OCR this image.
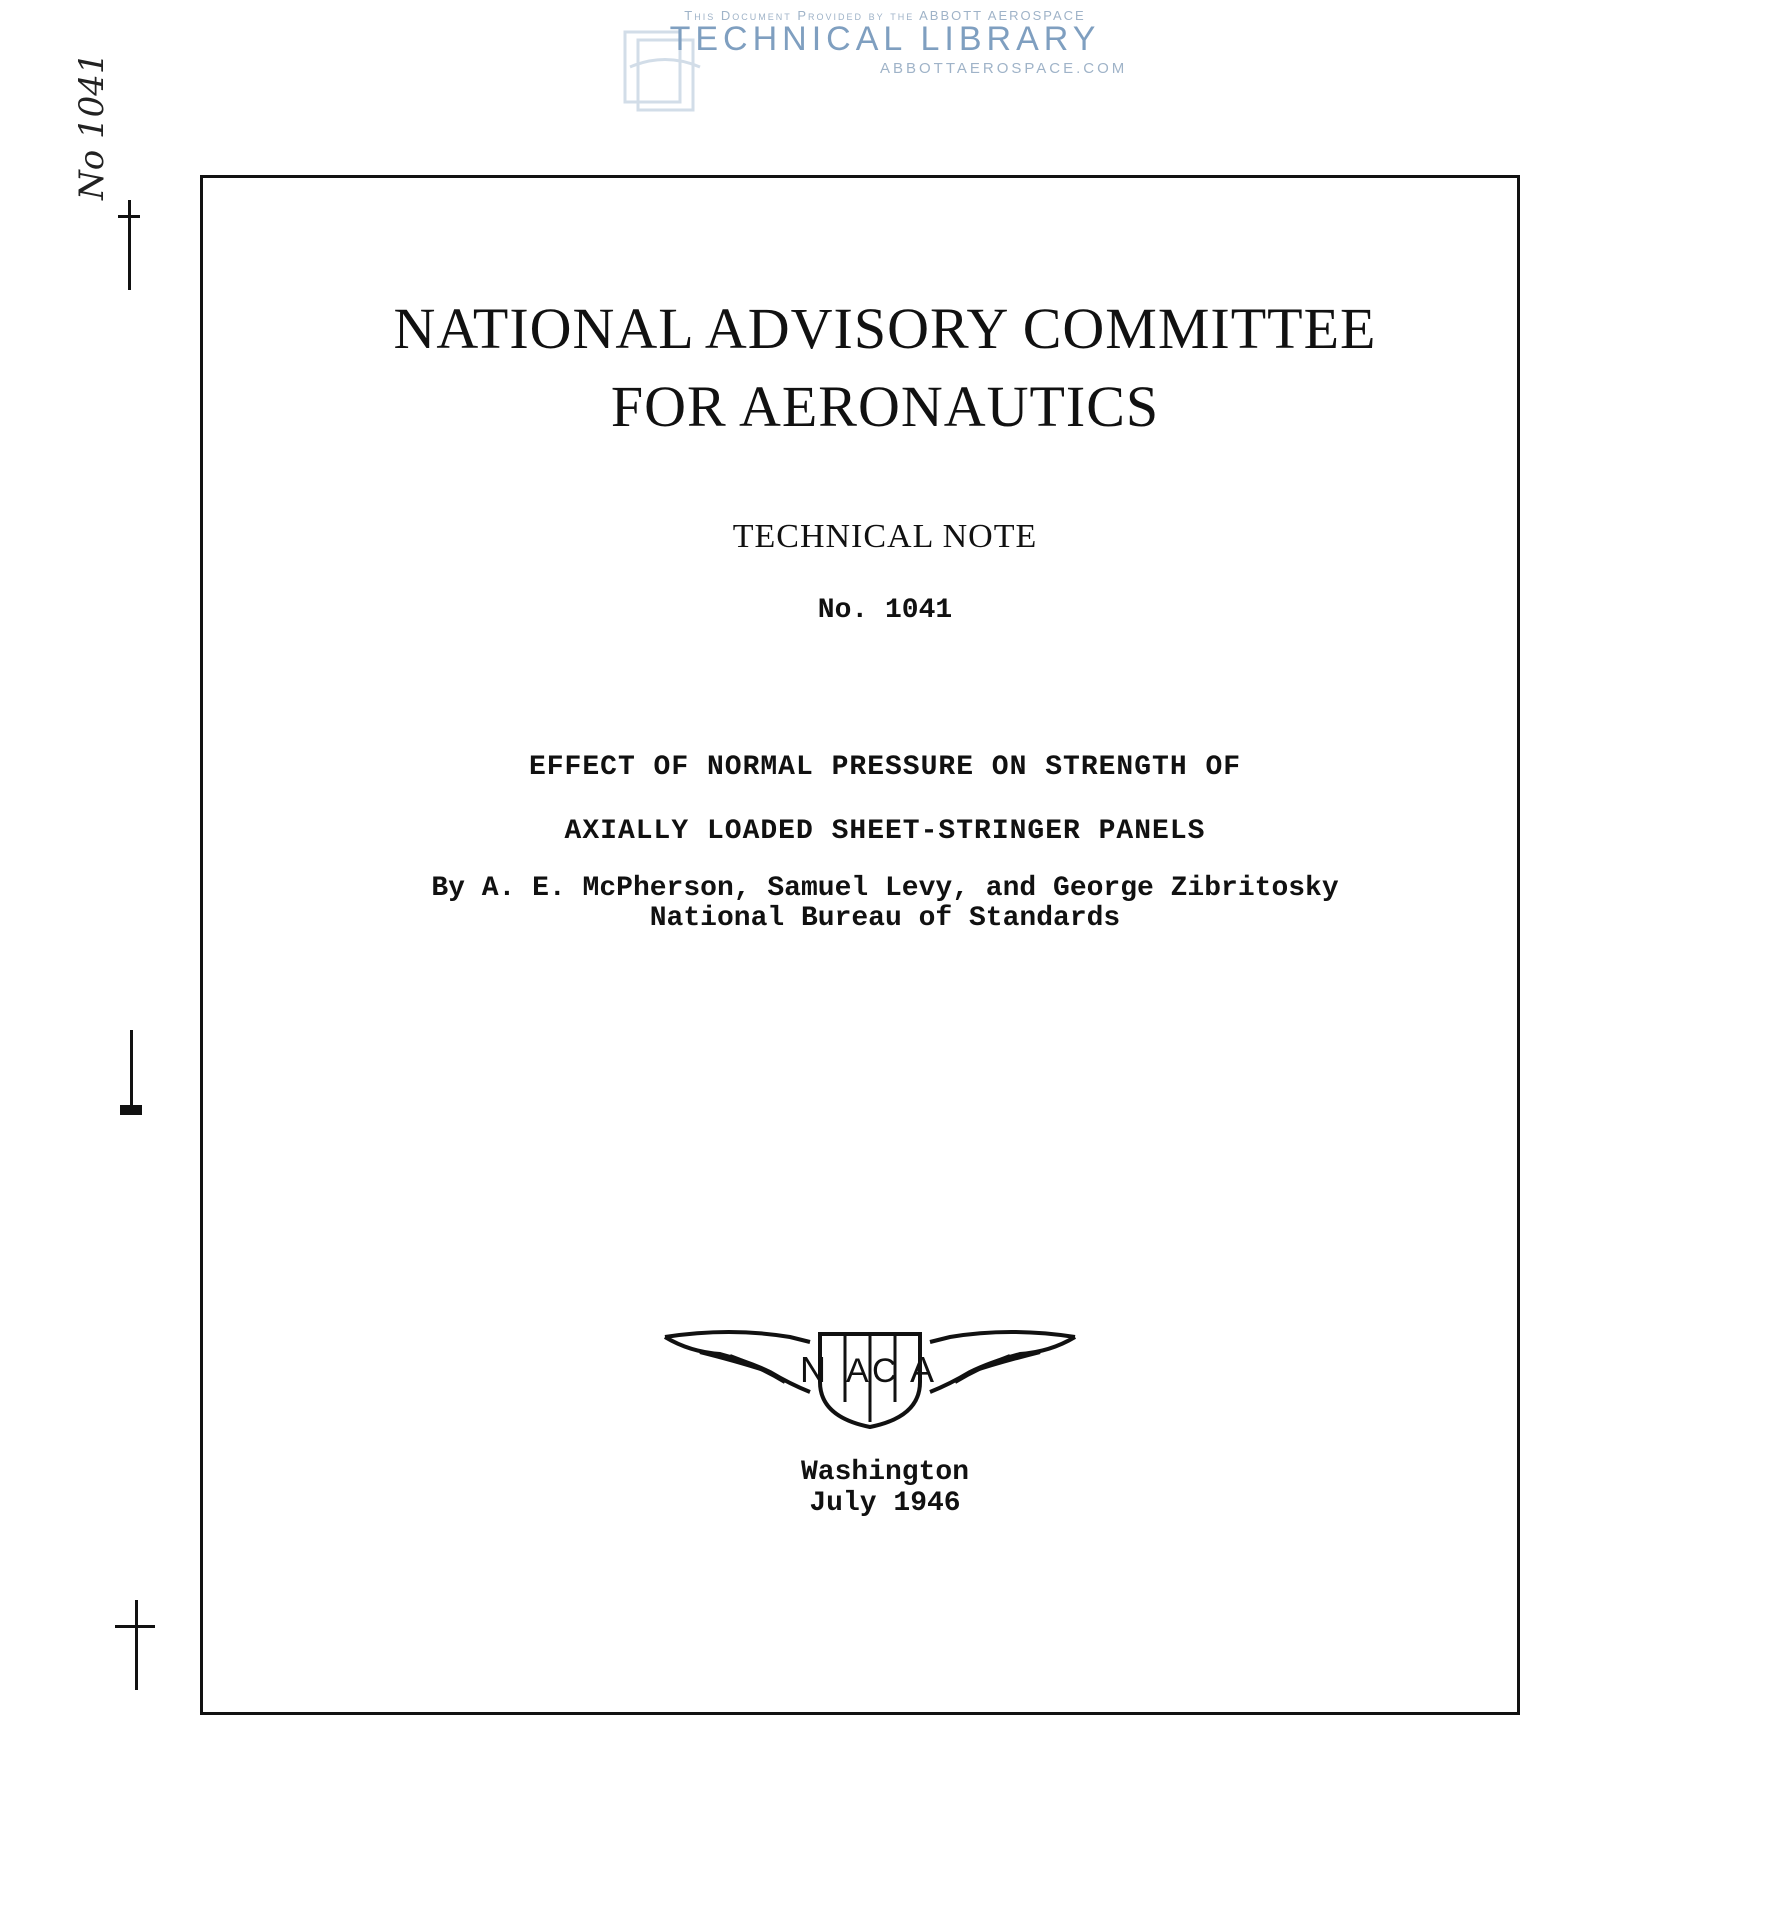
This Document Provided by the ABBOTT AEROSPACE
TECHNICAL LIBRARY
ABBOTTAEROSPACE.COM
No 1041
NATIONAL ADVISORY COMMITTEE
FOR AERONAUTICS
TECHNICAL NOTE
No. 1041
EFFECT OF NORMAL PRESSURE ON STRENGTH OF
AXIALLY LOADED SHEET-STRINGER PANELS
By A. E. McPherson, Samuel Levy, and George Zibritosky
National Bureau of Standards
N A C A
Washington
July 1946
